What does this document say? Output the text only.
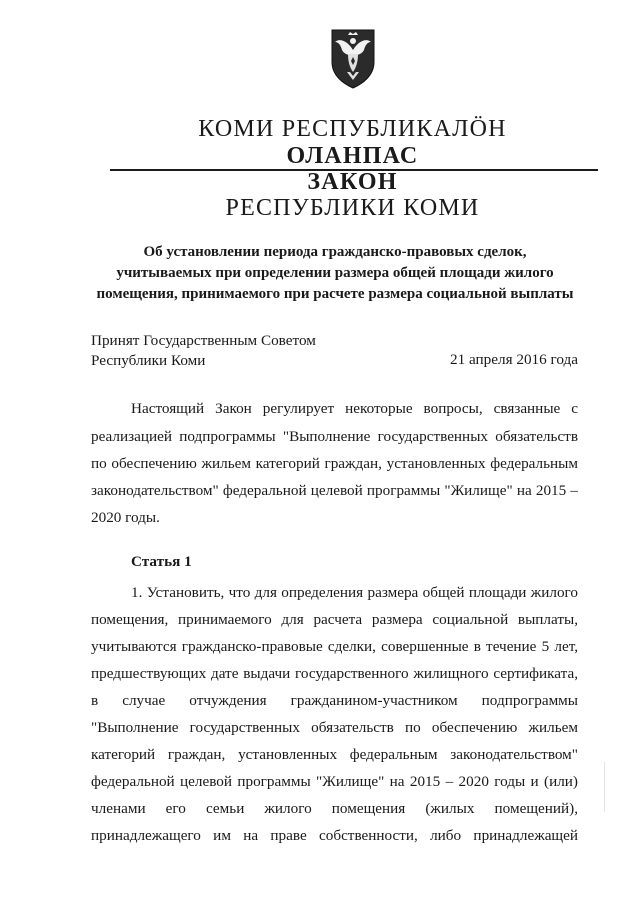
КОМИ РЕСПУБЛИКАЛÖН
ОЛАНПАС
ЗАКОН
РЕСПУБЛИКИ КОМИ
Об установлении периода гражданско-правовых сделок,
учитываемых при определении размера общей площади жилого
помещения, принимаемого при расчете размера социальной выплаты
Принят Государственным Советом
Республики Коми	21 апреля 2016 года
Настоящий Закон регулирует некоторые вопросы, связанные с
реализацией подпрограммы "Выполнение государственных обязательств
по обеспечению жильем категорий граждан, установленных федеральным
законодательством" федеральной целевой программы "Жилище" на 2015 –
2020 годы.
Статья 1
1. Установить, что для определения размера общей площади жилого
помещения, принимаемого для расчета размера социальной выплаты,
учитываются гражданско-правовые сделки, совершенные в течение 5 лет,
предшествующих дате выдачи государственного жилищного сертификата,
в случае отчуждения гражданином-участником подпрограммы
"Выполнение государственных обязательств по обеспечению жильем
категорий граждан, установленных федеральным законодательством"
федеральной целевой программы "Жилище" на 2015 – 2020 годы и (или)
членами его семьи жилого помещения (жилых помещений),
принадлежащего им на праве собственности, либо принадлежащей
